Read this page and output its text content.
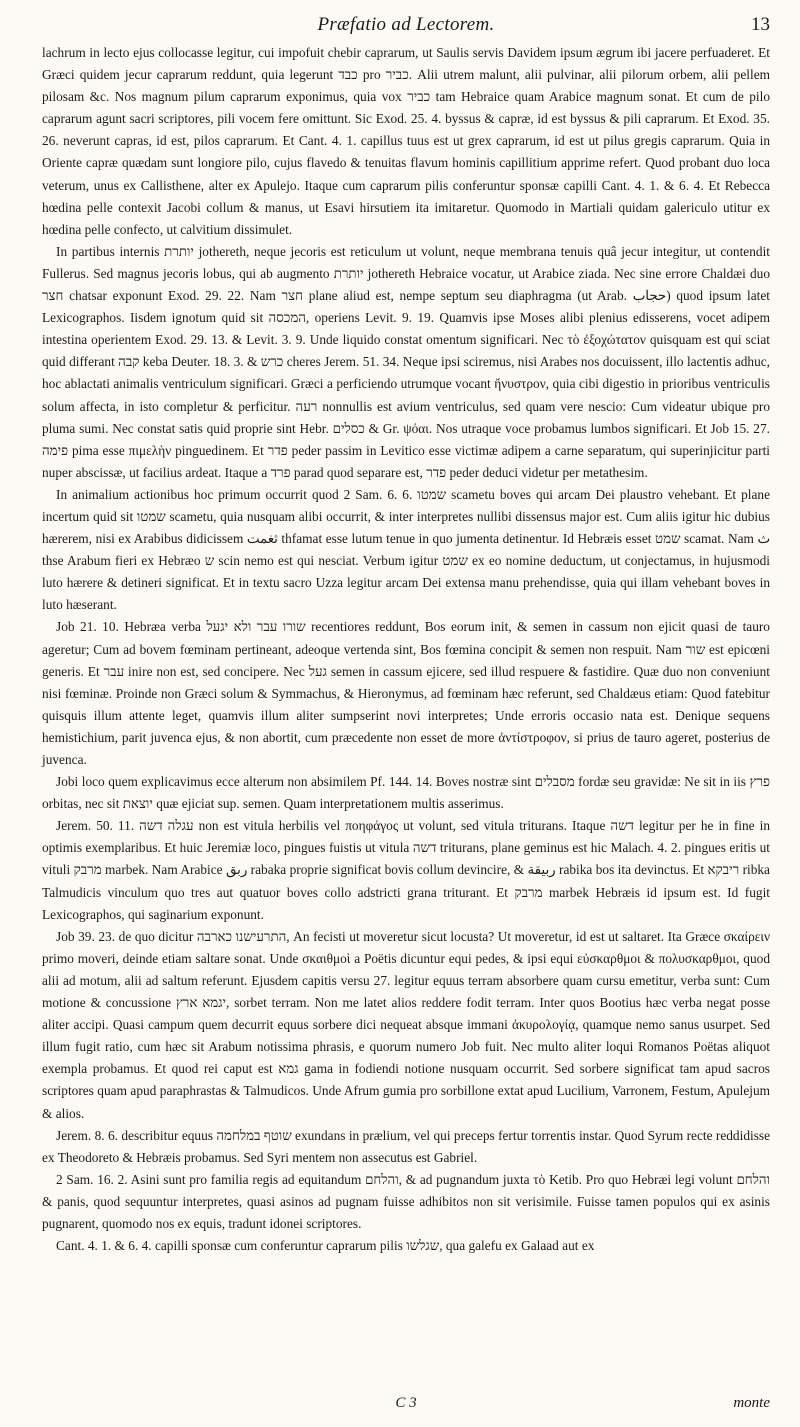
Præfatio ad Lectorem.	13

lachrum in lecto ejus collocasse legitur, cui impofuit chebir caprarum, ut Saulis servis Davidem ipsum ægrum ibi jacere perfuaderet. Et Græci quidem jecur caprarum reddunt, quia legerunt כבד pro כביר. Alii utrem malunt, alii pulvinar, alii pilorum orbem, alii pellem pilosam &c. Nos magnum pilum caprarum exponimus, quia vox כביר tam Hebraice quam Arabice magnum sonat. Et cum de pilo caprarum agunt sacri scriptores, pili vocem fere omittunt. Sic Exod. 25. 4. byssus & capræ, id est byssus & pili caprarum. Et Exod. 35. 26. neverunt capras, id est, pilos caprarum. Et Cant. 4. 1. capillus tuus est ut grex caprarum, id est ut pilus gregis caprarum. Quia in Oriente capræ quædam sunt longiore pilo, cujus flavedo & tenuitas flavum hominis capillitium apprime refert. Quod probant duo loca veterum, unus ex Callisthene, alter ex Apulejo. Itaque cum caprarum pilis conferuntur sponsæ capilli Cant. 4. 1. & 6. 4. Et Rebecca hœdina pelle contexit Jacobi collum & manus, ut Esavi hirsutiem ita imitaretur. Quomodo in Martiali quidam galericulo utitur ex hœdina pelle confecto, ut calvitium dissimulet.

In partibus internis יותרת jothereth, neque jecoris est reticulum ut volunt, neque membrana tenuis quâ jecur integitur, ut contendit Fullerus. Sed magnus jecoris lobus, qui ab augmento יותרת jothereth Hebraice vocatur, ut Arabice ziada. Nec sine errore Chaldæi duo חצר chatsar exponunt Exod. 29. 22. Nam חצר plane aliud est, nempe septum seu diaphragma (ut Arab. حجاب) quod ipsum latet Lexicographos. Iisdem ignotum quid sit המכסה, operiens Levit. 9. 19. Quamvis ipse Moses alibi plenius edisserens, vocet adipem intestina operientem Exod. 29. 13. & Levit. 3. 9. Unde liquido constat omentum significari. Nec τὸ ἐξοχώτατον quisquam est qui sciat quid differant קבה keba Deuter. 18. 3. & כרש cheres Jerem. 51. 34. Neque ipsi sciremus, nisi Arabes nos docuissent, illo lactentis adhuc, hoc ablactati animalis ventriculum significari. Græci a perficiendo utrumque vocant ἤνυστρον, quia cibi digestio in prioribus ventriculis solum affecta, in isto completur & perficitur. רעה nonnullis est avium ventriculus, sed quam vere nescio: Cum videatur ubique pro pluma sumi. Nec constat satis quid proprie sint Hebr. כסלים & Gr. ψόαι. Nos utraque voce probamus lumbos significari. Et Job 15. 27. פימה pima esse πιμελὴν pinguedinem. Et פדר peder passim in Levitico esse victimæ adipem a carne separatum, qui superinjicitur parti nuper abscissæ, ut facilius ardeat. Itaque a פרד parad quod separare est, פדר peder deduci videtur per metathesim.

In animalium actionibus hoc primum occurrit quod 2 Sam. 6. 6. שמטו scametu boves qui arcam Dei plaustro vehebant. Et plane incertum quid sit שמטו scametu, quia nusquam alibi occurrit, & inter interpretes nullibi dissensus major est. Cum aliis igitur hic dubius hærerem, nisi ex Arabibus didicissem ثغمت thfamat esse lutum tenue in quo jumenta detinentur. Id Hebræis esset שמט scamat. Nam ث thse Arabum fieri ex Hebræo ש scin nemo est qui nesciat. Verbum igitur שמט ex eo nomine deductum, ut conjectamus, in hujusmodi luto hærere & detineri significat. Et in textu sacro Uzza legitur arcam Dei extensa manu prehendisse, quia qui illam vehebant boves in luto hæserant.

Job 21. 10. Hebræa verba שורו עבר ולא יגעל recentiores reddunt, Bos eorum init, & semen in cassum non ejicit quasi de tauro ageretur; Cum ad bovem fœminam pertineant, adeoque vertenda sint, Bos fœmina concipit & semen non respuit. Nam שור est epicœni generis. Et עבר inire non est, sed concipere. Nec געל semen in cassum ejicere, sed illud respuere & fastidire. Quæ duo non conveniunt nisi fœminæ. Proinde non Græci solum & Symmachus, & Hieronymus, ad fœminam hæc referunt, sed Chaldæus etiam: Quod fatebitur quisquis illum attente leget, quamvis illum aliter sumpserint novi interpretes; Unde erroris occasio nata est. Denique sequens hemistichium, parit juvenca ejus, & non abortit, cum præcedente non esset de more ἀντίστροφον, si prius de tauro ageret, posterius de juvenca.

Jobi loco quem explicavimus ecce alterum non absimilem Pf. 144. 14. Boves nostræ sint מסבלים fordæ seu gravidæ: Ne sit in iis פרץ orbitas, nec sit יוצאת quæ ejiciat sup. semen. Quam interpretationem multis asserimus.

Jerem. 50. 11. עגלה דשה non est vitula herbilis vel ποηφάγος ut volunt, sed vitula triturans. Itaque דשה legitur per he in fine in optimis exemplaribus. Et huic Jeremiæ loco, pingues fuistis ut vitula דשה triturans, plane geminus est hic Malach. 4. 2. pingues eritis ut vituli מרבק marbek. Nam Arabice ربق rabaka proprie significat bovis collum devincire, & ربيقة rabika bos ita devinctus. Et ריבקא ribka Talmudicis vinculum quo tres aut quatuor boves collo adstricti grana triturant. Et מרבק marbek Hebræis id ipsum est. Id fugit Lexicographos, qui saginarium exponunt.

Job 39. 23. de quo dicitur התרעישנו כארבה, An fecisti ut moveretur sicut locusta? Ut moveretur, id est ut saltaret. Ita Græce σκαίρειν primo moveri, deinde etiam saltare sonat. Unde σκαιθμοὶ a Poëtis dicuntur equi pedes, & ipsi equi εὐσκαρθμοι & πολυσκαρθμοι, quod alii ad motum, alii ad saltum referunt. Ejusdem capitis versu 27. legitur equus terram absorbere quam cursu emetitur, verba sunt: Cum motione & concussione יגמא ארץ, sorbet terram. Non me latet alios reddere fodit terram. Inter quos Bootius hæc verba negat posse aliter accipi. Quasi campum quem decurrit equus sorbere dici nequeat absque immani ἀκυρολογίᾳ, quamque nemo sanus usurpet. Sed illum fugit ratio, cum hæc sit Arabum notissima phrasis, e quorum numero Job fuit. Nec multo aliter loqui Romanos Poëtas aliquot exempla probamus. Et quod rei caput est גמא gama in fodiendi notione nusquam occurrit. Sed sorbere significat tam apud sacros scriptores quam apud paraphrastas & Talmudicos. Unde Afrum gumia pro sorbillone extat apud Lucilium, Varronem, Festum, Apulejum & alios.

Jerem. 8. 6. describitur equus שוטף במלחמה exundans in prælium, vel qui preceps fertur torrentis instar. Quod Syrum recte reddidisse ex Theodoreto & Hebræis probamus. Sed Syri mentem non assecutus est Gabriel.

2 Sam. 16. 2. Asini sunt pro familia regis ad equitandum והלחם, & ad pugnandum juxta τὸ Ketib. Pro quo Hebræi legi volunt והלחם & panis, quod sequuntur interpretes, quasi asinos ad pugnam fuisse adhibitos non sit verisimile. Fuisse tamen populos qui ex asinis pugnarent, quomodo nos ex equis, tradunt idonei scriptores.

Cant. 4. 1. & 6. 4. capilli sponsæ cum conferuntur caprarum pilis שגלשו, qua galefu ex Galaad aut ex

C 3	monte
